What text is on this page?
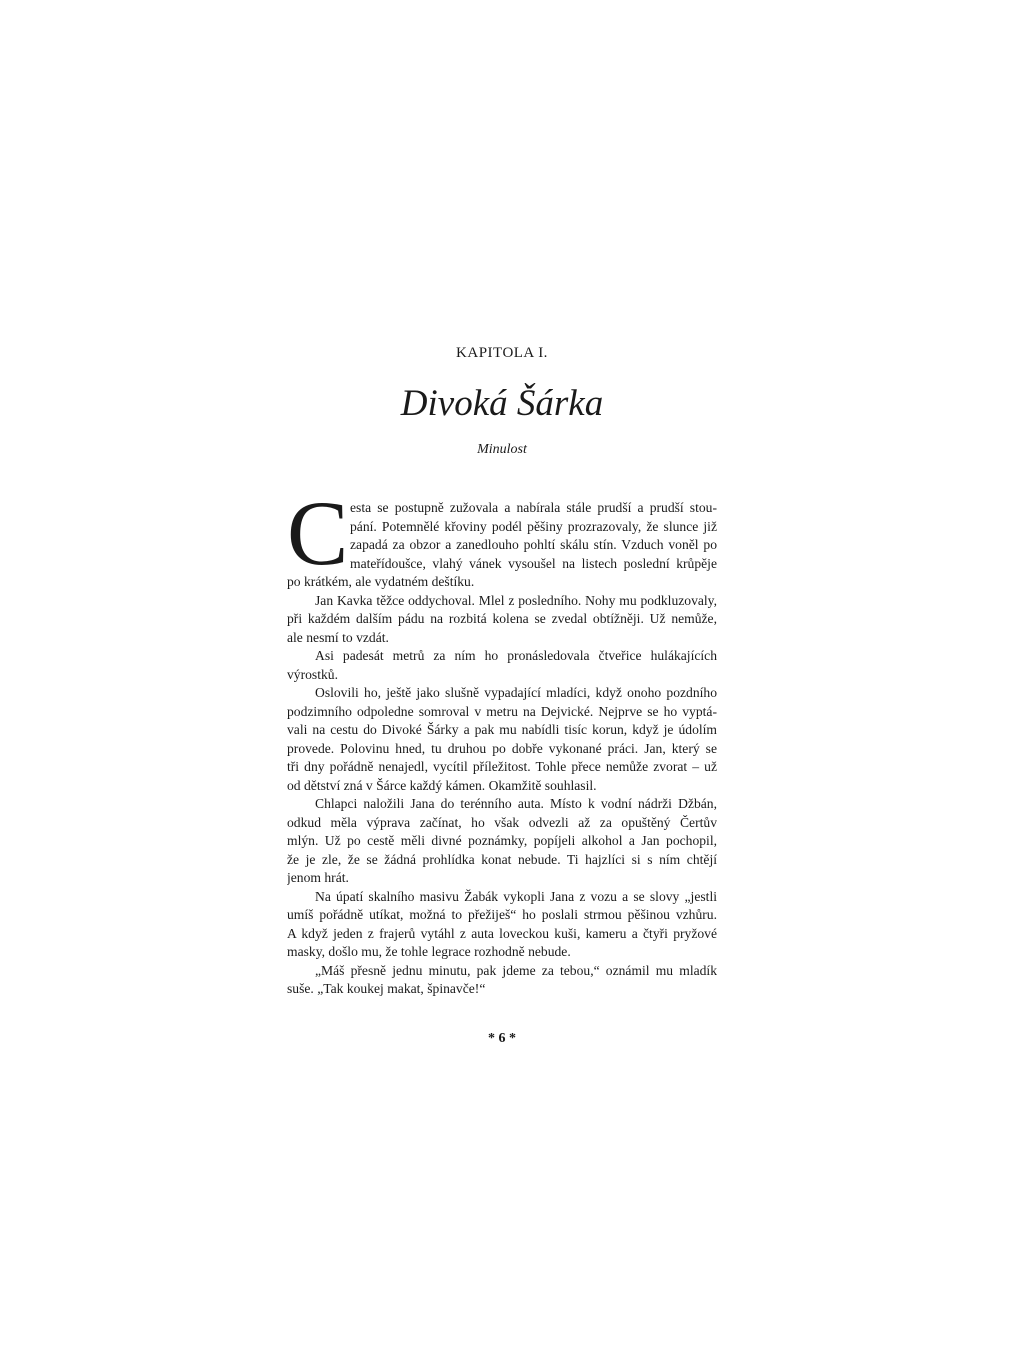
KAPITOLA I.
Divoká Šárka
Minulost
C esta se postupně zužovala a nabírala stále prudší a prudší stou-
pání. Potemnělé křoviny podél pěšiny prozrazovaly, že slunce již
zapadá za obzor a zanedlouho pohltí skálu stín. Vzduch voněl po
mateřídoušce, vlahý vánek vysoušel na listech poslední krůpěje
po krátkém, ale vydatném deštíku.
Jan Kavka těžce oddychoval. Mlel z posledního. Nohy mu podkluzovaly,
při každém dalším pádu na rozbitá kolena se zvedal obtížněji. Už nemůže,
ale nesmí to vzdát.
Asi padesát metrů za ním ho pronásledovala čtveřice hulákajících
výrostků.
Oslovili ho, ještě jako slušně vypadající mladíci, když onoho pozdního
podzimního odpoledne somroval v metru na Dejvické. Nejprve se ho vyptá-
vali na cestu do Divoké Šárky a pak mu nabídli tisíc korun, když je údolím
provede. Polovinu hned, tu druhou po dobře vykonané práci. Jan, který se
tři dny pořádně nenajedl, vycítil příležitost. Tohle přece nemůže zvorat – už
od dětství zná v Šárce každý kámen. Okamžitě souhlasil.
Chlapci naložili Jana do terénního auta. Místo k vodní nádrži Džbán,
odkud měla výprava začínat, ho však odvezli až za opuštěný Čertův
mlýn. Už po cestě měli divné poznámky, popíjeli alkohol a Jan pochopil,
že je zle, že se žádná prohlídka konat nebude. Ti hajzlíci si s ním chtějí
jenom hrát.
Na úpatí skalního masivu Žabák vykopli Jana z vozu a se slovy „jestli
umíš pořádně utíkat, možná to přežiješ“ ho poslali strmou pěšinou vzhůru.
A když jeden z frajerů vytáhl z auta loveckou kuši, kameru a čtyři pryžové
masky, došlo mu, že tohle legrace rozhodně nebude.
„Máš přesně jednu minutu, pak jdeme za tebou,“ oznámil mu mladík
suše. „Tak koukej makat, špinavče!“
* 6 *
